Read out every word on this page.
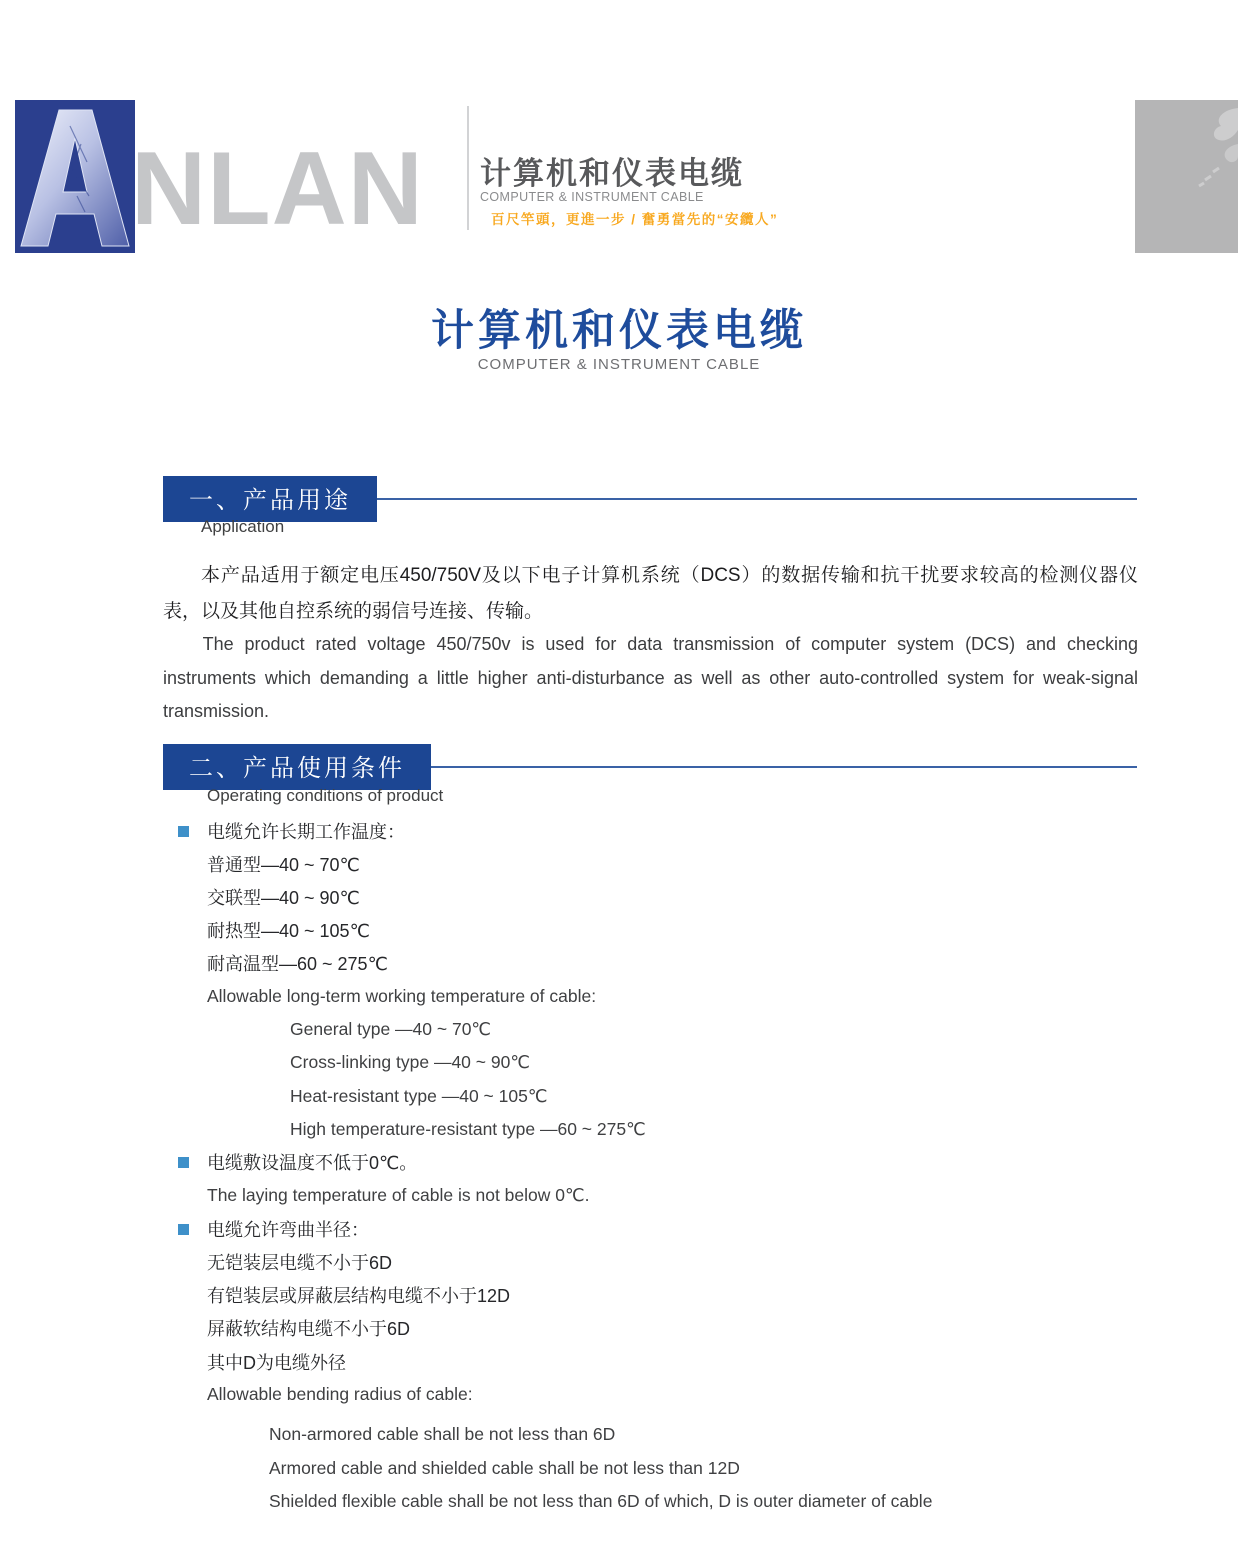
NLAN 计算机和仪表电缆
COMPUTER & INSTRUMENT CABLE
百尺竿頭，更進一步 / 奮勇當先的“安纜人”
计算机和仪表电缆
COMPUTER & INSTRUMENT CABLE
一、产品用途
Application
本产品适用于额定电压450/750V及以下电子计算机系统（DCS）的数据传输和抗干扰要求较高的检测仪器仪表，以及其他自控系统的弱信号连接、传输。
The product rated voltage 450/750v is used for data transmission of computer system (DCS) and checking instruments which demanding a little higher anti-disturbance as well as other auto-controlled system for weak-signal transmission.
二、产品使用条件
Operating conditions of product
电缆允许长期工作温度：
普通型—40 ~ 70℃
交联型—40 ~ 90℃
耐热型—40 ~ 105℃
耐高温型—60 ~ 275℃
Allowable long-term working temperature of cable:
General type —40 ~ 70℃
Cross-linking type —40 ~ 90℃
Heat-resistant type —40 ~ 105℃
High temperature-resistant type —60 ~ 275℃
电缆敷设温度不低于0℃。
The laying temperature of cable is not below 0℃.
电缆允许弯曲半径：
无铠装层电缆不小于6D
有铠装层或屏蔽层结构电缆不小于12D
屏蔽软结构电缆不小于6D
其中D为电缆外径
Allowable bending radius of cable:
Non-armored cable shall be not less than 6D
Armored cable and shielded cable shall be not less than 12D
Shielded flexible cable shall be not less than 6D of which, D is outer diameter of cable
